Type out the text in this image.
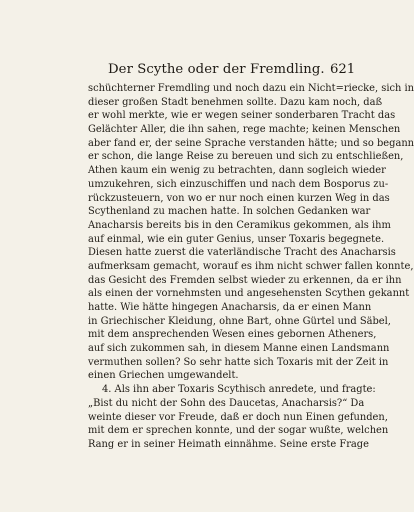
Der Scythe oder der Fremdling. 621
schüchterner Fremdling und noch dazu ein Nicht=riecke, sich in
dieser großen Stadt benehmen sollte. Dazu kam noch, daß
er wohl merkte, wie er wegen seiner sonderbaren Tracht das
Gelächter Aller, die ihn sahen, rege machte; keinen Menschen
aber fand er, der seine Sprache verstanden hätte; und so begann
er schon, die lange Reise zu bereuen und sich zu entschließen,
Athen kaum ein wenig zu betrachten, dann sogleich wieder
umzukehren, sich einzuschiffen und nach dem Bosporus zu-
rückzusteuern, von wo er nur noch einen kurzen Weg in das
Scythenland zu machen hatte. In solchen Gedanken war
Anacharsis bereits bis in den Ceramikus gekommen, als ihm
auf einmal, wie ein guter Genius, unser Toxaris begegnete.
Diesen hatte zuerst die vaterländische Tracht des Anacharsis
aufmerksam gemacht, worauf es ihm nicht schwer fallen konnte,
das Gesicht des Fremden selbst wieder zu erkennen, da er ihn
als einen der vornehmsten und angesehensten Scythen gekannt
hatte. Wie hätte hingegen Anacharsis, da er einen Mann
in Griechischer Kleidung, ohne Bart, ohne Gürtel und Säbel,
mit dem ansprechenden Wesen eines gebornen Atheners,
auf sich zukommen sah, in diesem Manne einen Landsmann
vermuthen sollen? So sehr hatte sich Toxaris mit der Zeit in
einen Griechen umgewandelt.
4. Als ihn aber Toxaris Scythisch anredete, und fragte:
„Bist du nicht der Sohn des Daucetas, Anacharsis?“ Da
weinte dieser vor Freude, daß er doch nun Einen gefunden,
mit dem er sprechen konnte, und der sogar wußte, welchen
Rang er in seiner Heimath einnähme. Seine erste Frage
